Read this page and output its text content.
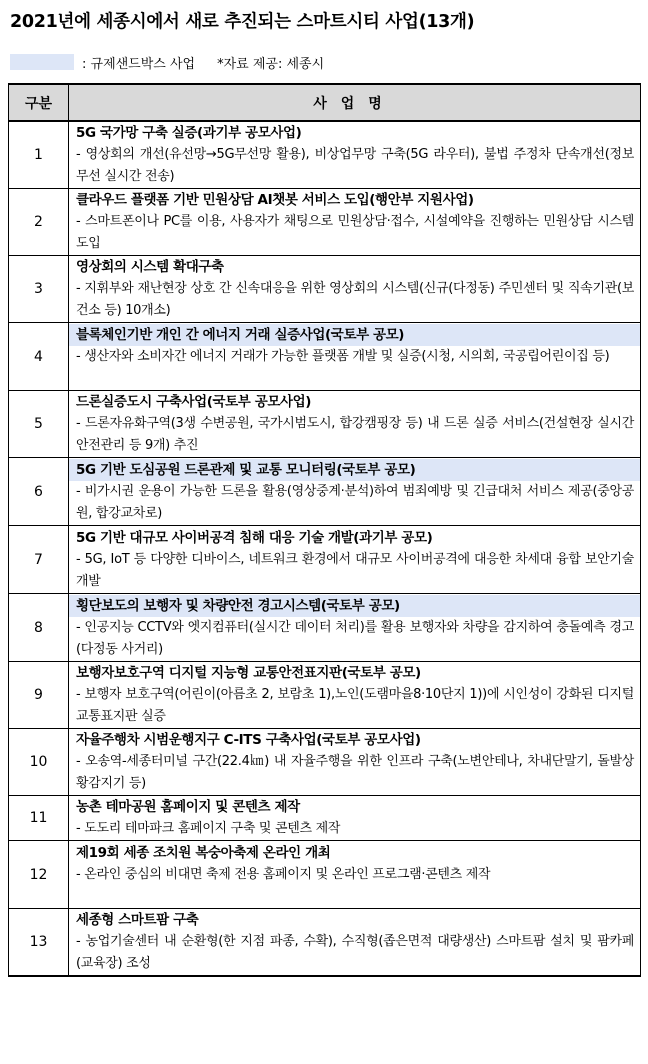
2021년에 세종시에서 새로 추진되는 스마트시티 사업(13개)
: 규제샌드박스 사업 *자료 제공: 세종시
구분	사업명
1	5G 국가망 구축 실증(과기부 공모사업)
- 영상회의 개선(유선망→5G무선망 활용), 비상업무망 구축(5G 라우터), 불법 주정차 단속개선(정보 무선 실시간 전송)

2	클라우드 플랫폼 기반 민원상담 AI챗봇 서비스 도입(행안부 지원사업)
- 스마트폰이나 PC를 이용, 사용자가 채팅으로 민원상담·접수, 시설예약을 진행하는 민원상담 시스템 도입

3	영상회의 시스템 확대구축
- 지휘부와 재난현장 상호 간 신속대응을 위한 영상회의 시스템(신규(다정동) 주민센터 및 직속기관(보건소 등) 10개소)

4	블록체인기반 개인 간 에너지 거래 실증사업(국토부 공모)
- 생산자와 소비자간 에너지 거래가 가능한 플랫폼 개발 및 실증(시청, 시의회, 국공립어린이집 등)

5	드론실증도시 구축사업(국토부 공모사업)
- 드론자유화구역(3생 수변공원, 국가시범도시, 합강캠핑장 등) 내 드론 실증 서비스(건설현장 실시간 안전관리 등 9개) 추진

6	5G 기반 도심공원 드론관제 및 교통 모니터링(국토부 공모)
- 비가시권 운용이 가능한 드론을 활용(영상중계·분석)하여 범죄예방 및 긴급대처 서비스 제공(중앙공원, 합강교차로)

7	5G 기반 대규모 사이버공격 침해 대응 기술 개발(과기부 공모)
- 5G, IoT 등 다양한 디바이스, 네트워크 환경에서 대규모 사이버공격에 대응한 차세대 융합 보안기술 개발

8	횡단보도의 보행자 및 차량안전 경고시스템(국토부 공모)
- 인공지능 CCTV와 엣지컴퓨터(실시간 데이터 처리)를 활용 보행자와 차량을 감지하여 충돌예측 경고(다정동 사거리)

9	보행자보호구역 디지털 지능형 교통안전표지판(국토부 공모)
- 보행자 보호구역(어린이(아름초 2, 보람초 1),노인(도램마을8·10단지 1))에 시인성이 강화된 디지털 교통표지판 실증

10	자율주행차 시범운행지구 C-ITS 구축사업(국토부 공모사업)
- 오송역-세종터미널 구간(22.4㎞) 내 자율주행을 위한 인프라 구축(노변안테나, 차내단말기, 돌발상황감지기 등)

11	농촌 테마공원 홈페이지 및 콘텐츠 제작
- 도도리 테마파크 홈페이지 구축 및 콘텐츠 제작

12	제19회 세종 조치원 복숭아축제 온라인 개최
- 온라인 중심의 비대면 축제 전용 홈페이지 및 온라인 프로그램·콘텐츠 제작

13	세종형 스마트팜 구축
- 농업기술센터 내 순환형(한 지점 파종, 수확), 수직형(좁은면적 대량생산) 스마트팜 설치 및 팜카페(교육장) 조성
